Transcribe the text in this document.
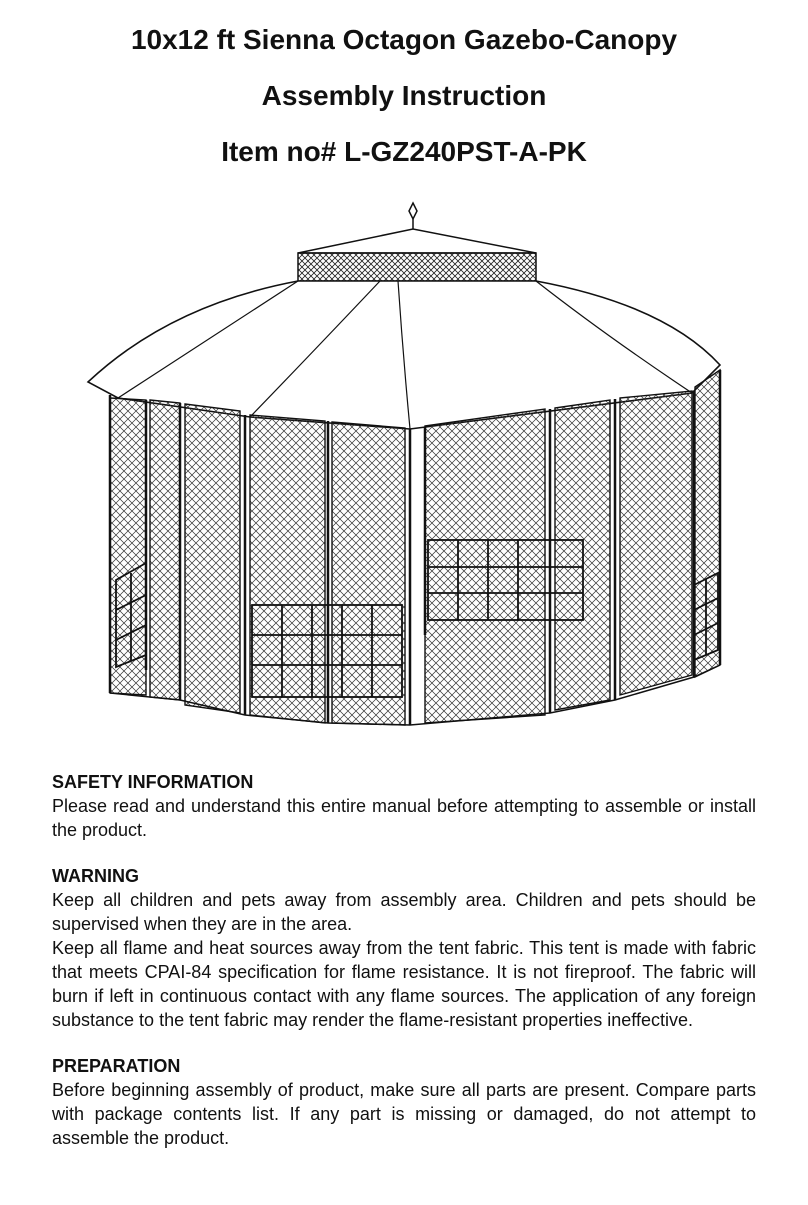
10x12 ft Sienna Octagon Gazebo-Canopy
Assembly Instruction
Item no# L-GZ240PST-A-PK
SAFETY INFORMATION
Please read and understand this entire manual before attempting to assemble or install the product.
WARNING
Keep all children and pets away from assembly area. Children and pets should be supervised when they are in the area.
Keep all flame and heat sources away from the tent fabric. This tent is made with fabric that meets CPAI-84 specification for flame resistance. It is not fireproof. The fabric will burn if left in continuous contact with any flame sources. The application of any foreign substance to the tent fabric may render the flame-resistant properties ineffective.
PREPARATION
Before beginning assembly of product, make sure all parts are present. Compare parts with package contents list. If any part is missing or damaged, do not attempt to assemble the product.
